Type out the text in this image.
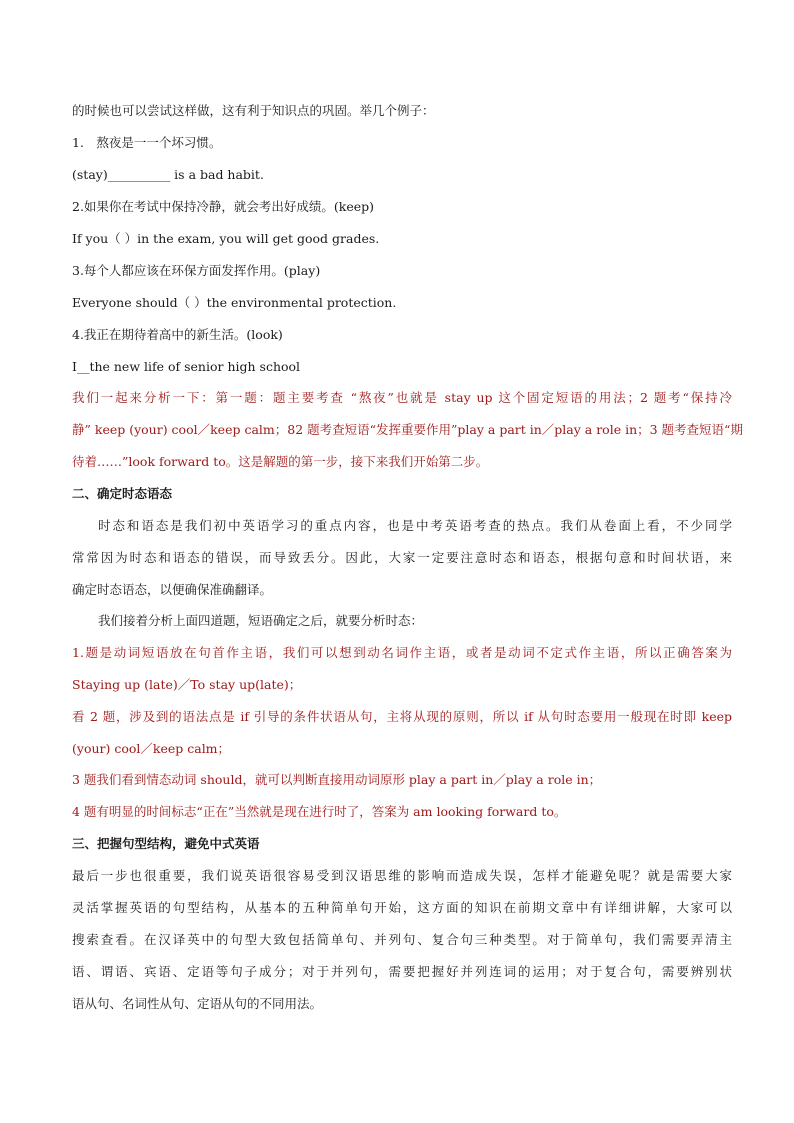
的时候也可以尝试这样做，这有利于知识点的巩固。举几个例子：
1.　熬夜是一一个坏习惯。
(stay)__________ is a bad habit.
2.如果你在考试中保持冷静，就会考出好成绩。(keep)
If you（ ）in the exam, you will get good grades.
3.每个人都应该在环保方面发挥作用。(play)
Everyone should（ ）the environmental protection.
4.我正在期待着高中的新生活。(look)
I__the new life of senior high school
我们一起来分析一下：第一题：题主要考查 “熬夜”也就是 stay up 这个固定短语的用法；2 题考“保持冷
静” keep (your) cool／keep calm；82 题考查短语“发挥重要作用”play a part in／play a role in；3 题考查短语“期
待着……”look forward to。这是解题的第一步，接下来我们开始第二步。
二、确定时态语态
时态和语态是我们初中英语学习的重点内容，也是中考英语考查的热点。我们从卷面上看，不少同学
常常因为时态和语态的错误，而导致丢分。因此，大家一定要注意时态和语态，根据句意和时间状语，来
确定时态语态，以便确保准确翻译。
我们接着分析上面四道题，短语确定之后，就要分析时态：
1.题是动词短语放在句首作主语，我们可以想到动名词作主语，或者是动词不定式作主语，所以正确答案为
Staying up (late)／To stay up(late)；
看 2 题，涉及到的语法点是 if 引导的条件状语从句，主将从现的原则，所以 if 从句时态要用一般现在时即 keep
(your) cool／keep calm；
3 题我们看到情态动词 should，就可以判断直接用动词原形 play a part in／play a role in；
4 题有明显的时间标志“正在”当然就是现在进行时了，答案为 am looking forward to。
三、把握句型结构，避免中式英语
最后一步也很重要，我们说英语很容易受到汉语思维的影响而造成失误，怎样才能避免呢？就是需要大家
灵活掌握英语的句型结构，从基本的五种简单句开始，这方面的知识在前期文章中有详细讲解，大家可以
搜索查看。在汉译英中的句型大致包括简单句、并列句、复合句三种类型。对于简单句，我们需要弄清主
语、谓语、宾语、定语等句子成分；对于并列句，需要把握好并列连词的运用；对于复合句，需要辨别状
语从句、名词性从句、定语从句的不同用法。
